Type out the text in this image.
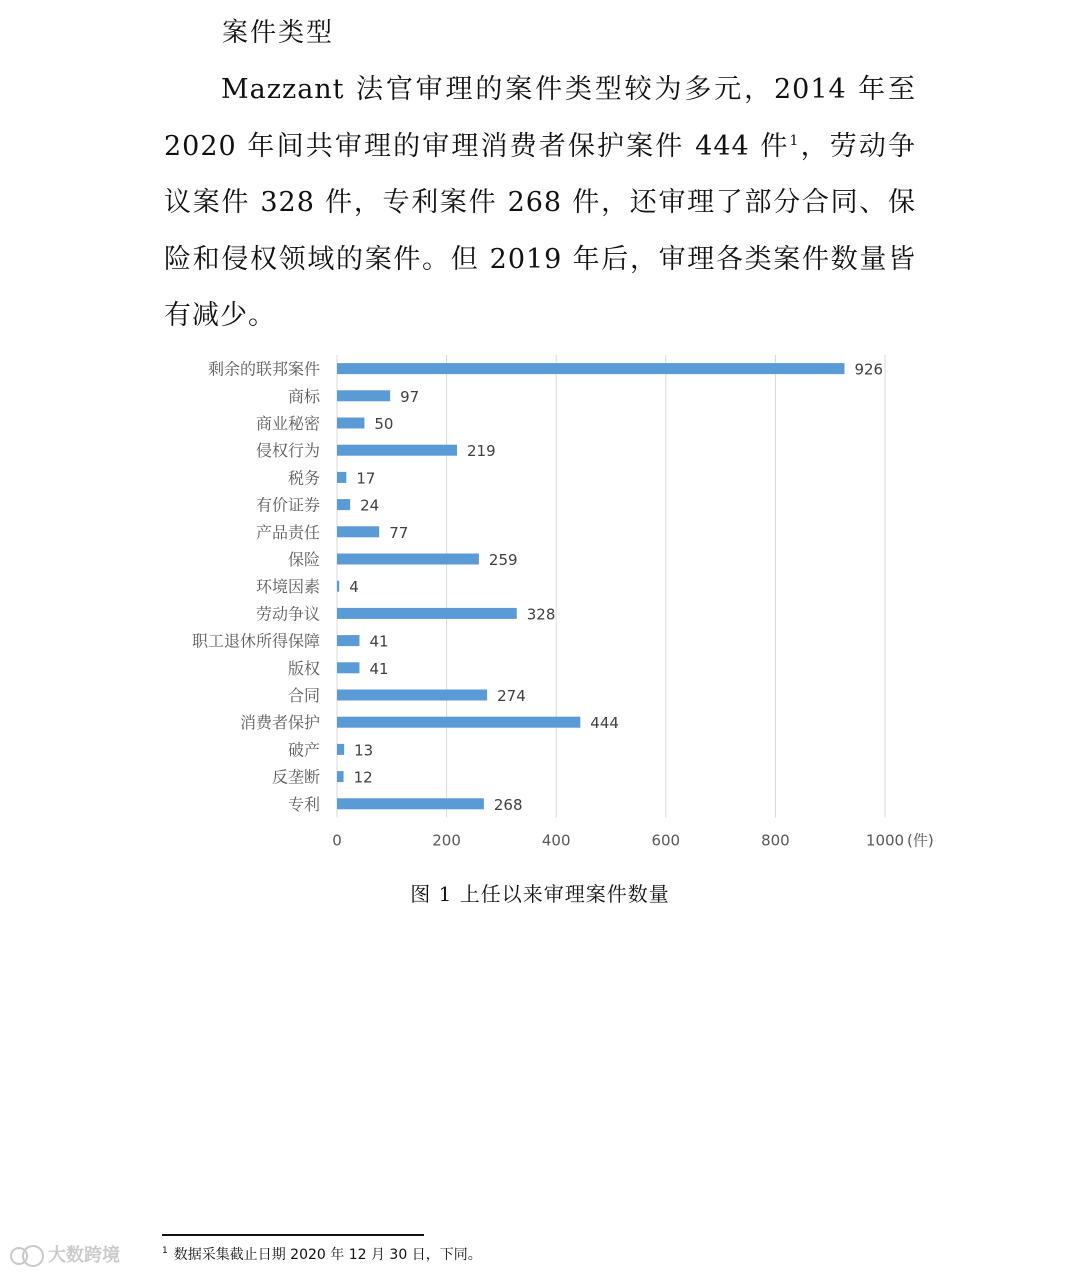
案件类型

Mazzant 法官审理的案件类型较为多元，2014 年至 2020 年间共审理的审理消费者保护案件 444 件$^1$，劳动争议案件 328 件，专利案件 268 件，还审理了部分合同、保险和侵权领域的案件。但 2019 年后，审理各类案件数量皆有减少。

0	200	400	600	800	1000 (件)
剩余的联邦案件	926
商标	97
商业秘密	50
侵权行为	219
税务 17
有价证券	24
产品责任	77
保险	259
环境因素 4
劳动争议	328
职工退休所得保障	41
版权	41
合同	274
消费者保护	444
破产 13
反垄断 12
专利	268
图 1 上任以来审理案件数量
$^1$ 数据采集截止日期 2020 年 12 月 30 日，下同。
大数跨境
